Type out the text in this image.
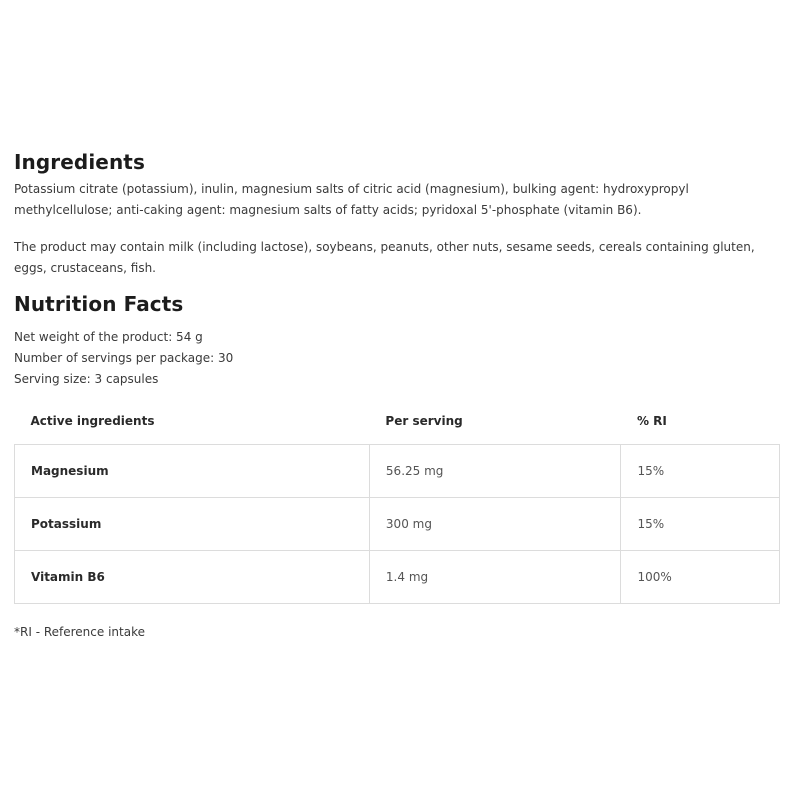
Ingredients

Potassium citrate (potassium), inulin, magnesium salts of citric acid (magnesium), bulking agent: hydroxypropyl methylcellulose; anti-caking agent: magnesium salts of fatty acids; pyridoxal 5'-phosphate (vitamin B6).

The product may contain milk (including lactose), soybeans, peanuts, other nuts, sesame seeds, cereals containing gluten, eggs, crustaceans, fish.

Nutrition Facts
Net weight of the product: 54 g
Number of servings per package: 30
Serving size: 3 capsules
Active ingredients	Per serving	% RI
Magnesium	56.25 mg	15%
Potassium	300 mg	15%
Vitamin B6	1.4 mg	100%
*RI - Reference intake
